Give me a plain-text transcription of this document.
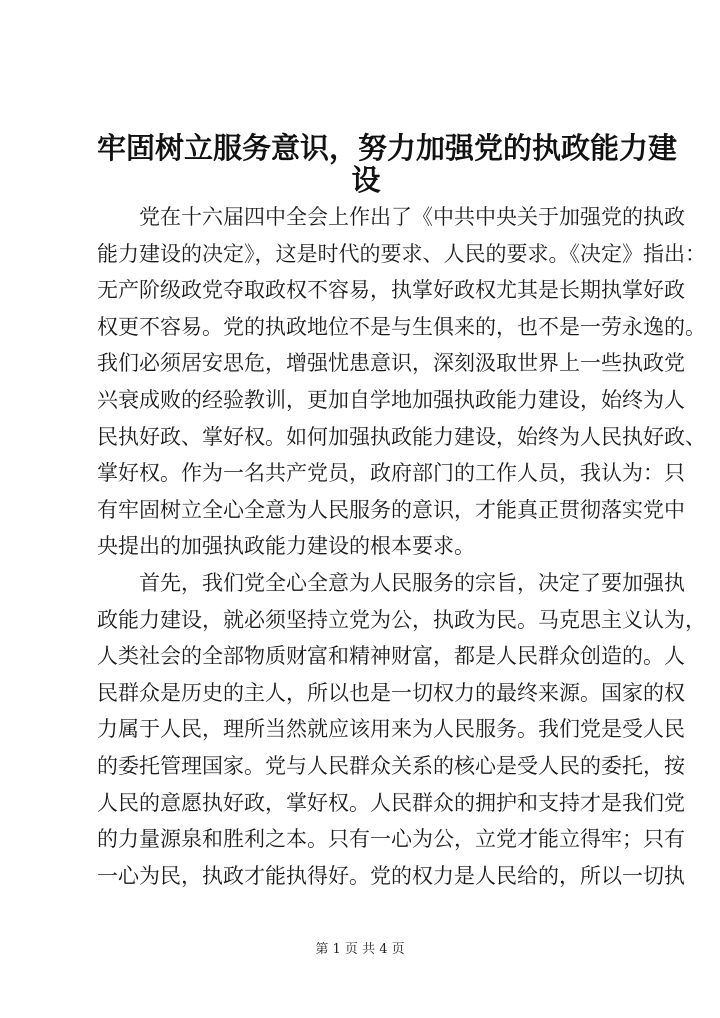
牢固树立服务意识，努力加强党的执政能力建
设
党在十六届四中全会上作出了《中共中央关于加强党的执政
能力建设的决定》，这是时代的要求、人民的要求。《决定》指出：
无产阶级政党夺取政权不容易，执掌好政权尤其是长期执掌好政
权更不容易。党的执政地位不是与生俱来的，也不是一劳永逸的。
我们必须居安思危，增强忧患意识，深刻汲取世界上一些执政党
兴衰成败的经验教训，更加自学地加强执政能力建设，始终为人
民执好政、掌好权。如何加强执政能力建设，始终为人民执好政、
掌好权。作为一名共产党员，政府部门的工作人员，我认为：只
有牢固树立全心全意为人民服务的意识，才能真正贯彻落实党中
央提出的加强执政能力建设的根本要求。
首先，我们党全心全意为人民服务的宗旨，决定了要加强执
政能力建设，就必须坚持立党为公，执政为民。马克思主义认为，
人类社会的全部物质财富和精神财富，都是人民群众创造的。人
民群众是历史的主人，所以也是一切权力的最终来源。国家的权
力属于人民，理所当然就应该用来为人民服务。我们党是受人民
的委托管理国家。党与人民群众关系的核心是受人民的委托，按
人民的意愿执好政，掌好权。人民群众的拥护和支持才是我们党
的力量源泉和胜利之本。只有一心为公，立党才能立得牢；只有
一心为民，执政才能执得好。党的权力是人民给的，所以一切执
第 1 页 共 4 页
